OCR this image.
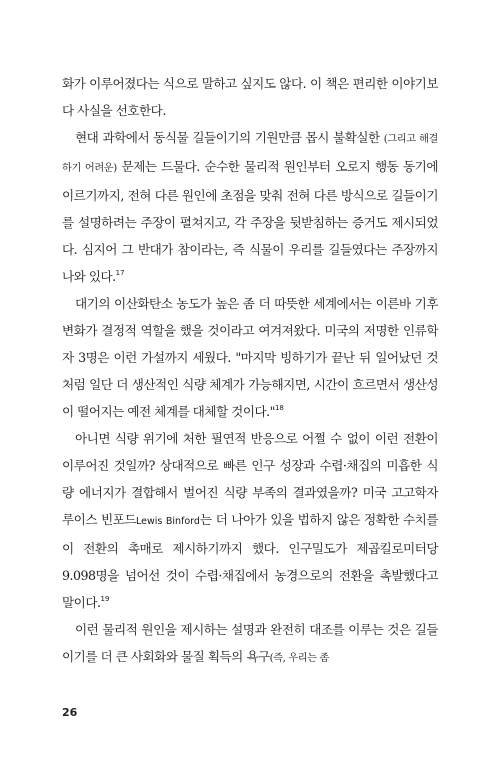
화가 이루어졌다는 식으로 말하고 싶지도 않다. 이 책은 편리한 이야기보다 사실을 선호한다.

현대 과학에서 동식물 길들이기의 기원만큼 몹시 불확실한 (그리고 해결하기 어려운) 문제는 드물다. 순수한 물리적 원인부터 오로지 행동 동기에 이르기까지, 전혀 다른 원인에 초점을 맞춰 전혀 다른 방식으로 길들이기를 설명하려는 주장이 펼쳐지고, 각 주장을 뒷받침하는 증거도 제시되었다. 심지어 그 반대가 참이라는, 즉 식물이 우리를 길들였다는 주장까지 나와 있다.$^{17}$

대기의 이산화탄소 농도가 높은 좀 더 따뜻한 세계에서는 이른바 기후변화가 결정적 역할을 했을 것이라고 여겨져왔다. 미국의 저명한 인류학자 3명은 이런 가설까지 세웠다. "마지막 빙하기가 끝난 뒤 일어났던 것처럼 일단 더 생산적인 식량 체계가 가능해지면, 시간이 흐르면서 생산성이 떨어지는 예전 체계를 대체할 것이다."$^{18}$

아니면 식량 위기에 처한 필연적 반응으로 어쩔 수 없이 이런 전환이 이루어진 것일까? 상대적으로 빠른 인구 성장과 수렵·채집의 미흡한 식량 에너지가 결합해서 벌어진 식량 부족의 결과였을까? 미국 고고학자 루이스 빈포드Lewis Binford는 더 나아가 있을 법하지 않은 정확한 수치를 이 전환의 촉매로 제시하기까지 했다. 인구밀도가 제곱킬로미터당 9.098명을 넘어선 것이 수렵·채집에서 농경으로의 전환을 촉발했다고 말이다.$^{19}$

이런 물리적 원인을 제시하는 설명과 완전히 대조를 이루는 것은 길들이기를 더 큰 사회화와 물질 획득의 욕구(즉, 우리는 좀

26
